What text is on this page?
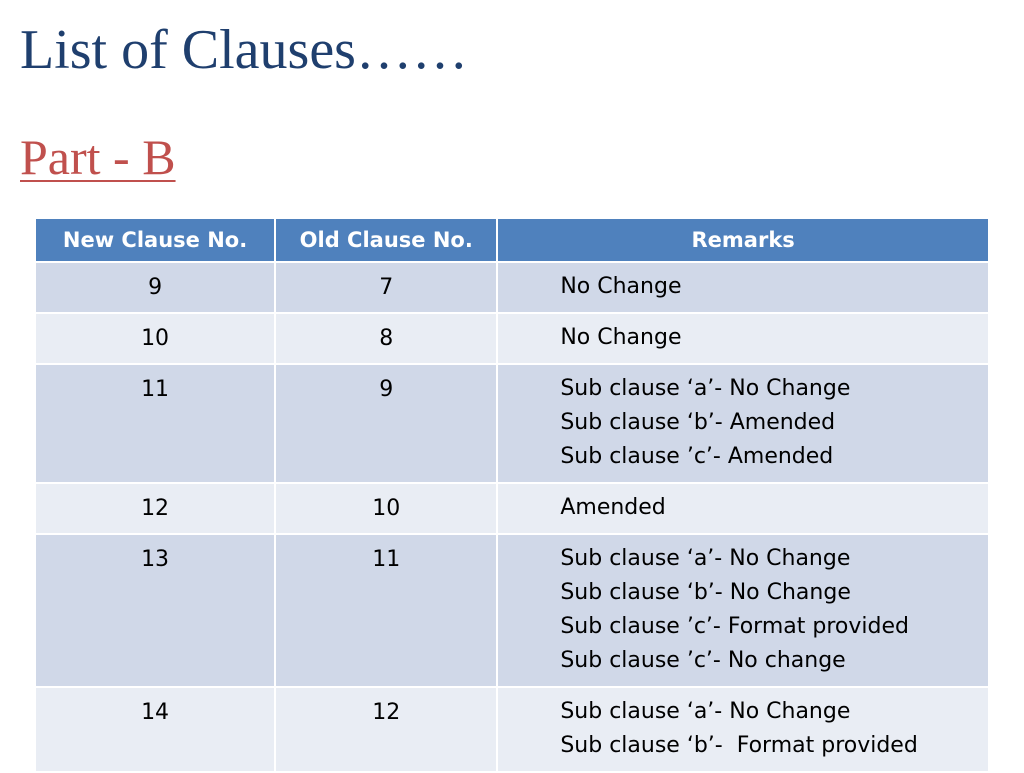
List of Clauses……
Part - B
New Clause No.	Old Clause No.	Remarks
9	7	No Change

10	8	No Change

11	9	Sub clause ‘a’- No Change
Sub clause ‘b’- Amended
Sub clause ’c’- Amended

12	10	Amended

13	11	Sub clause ‘a’- No Change
Sub clause ‘b’- No Change
Sub clause ’c’- Format provided
Sub clause ’c’- No change

14	12	Sub clause ‘a’- No Change
Sub clause ‘b’-  Format provided
